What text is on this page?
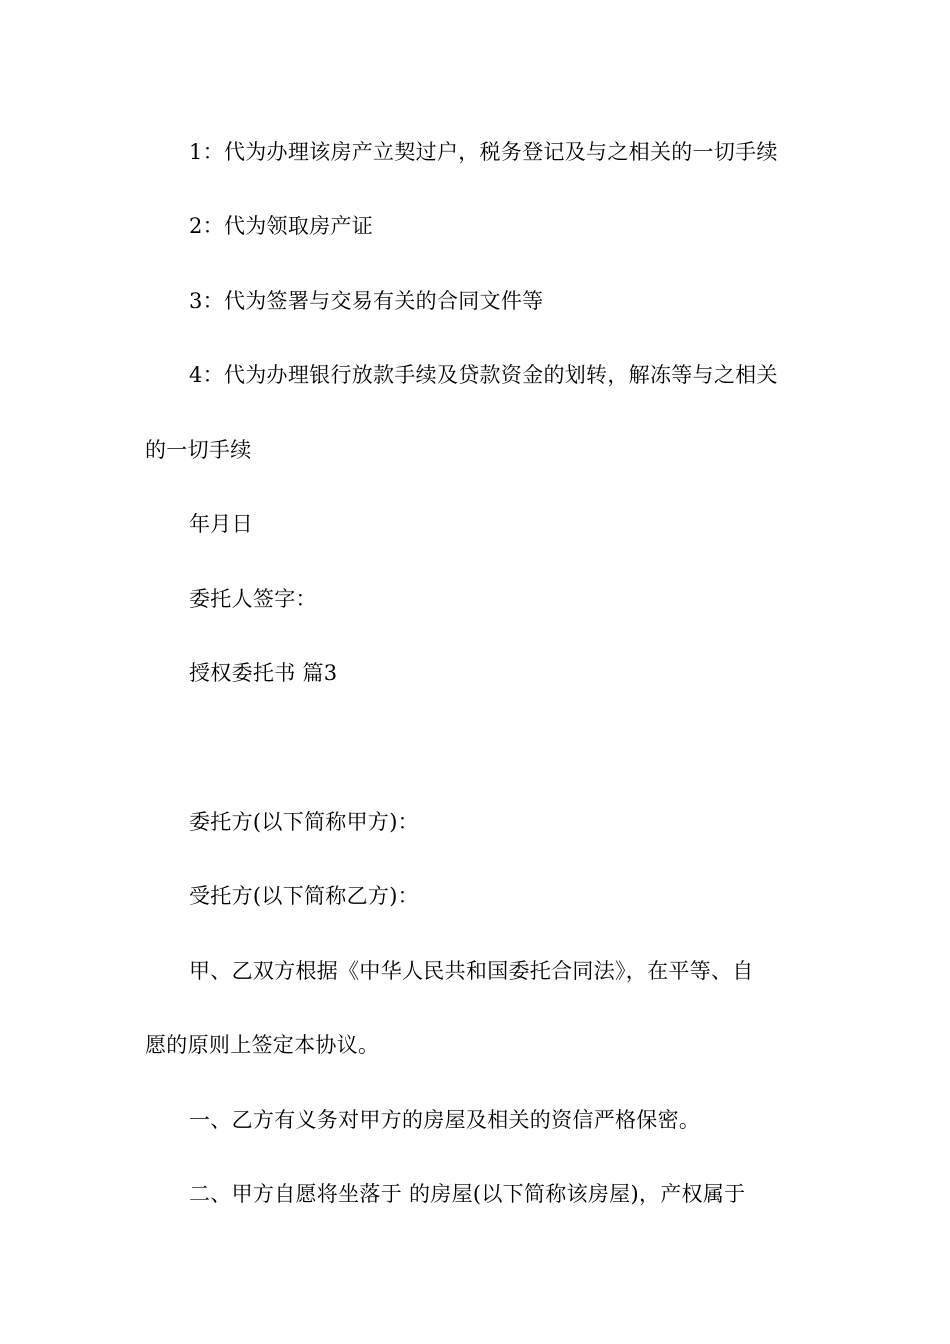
1：代为办理该房产立契过户，税务登记及与之相关的一切手续
2：代为领取房产证
3：代为签署与交易有关的合同文件等
4：代为办理银行放款手续及贷款资金的划转，解冻等与之相关
的一切手续
年月日
委托人签字：
授权委托书 篇3
委托方(以下简称甲方)：
受托方(以下简称乙方)：
甲、乙双方根据《中华人民共和国委托合同法》，在平等、自
愿的原则上签定本协议。
一、乙方有义务对甲方的房屋及相关的资信严格保密。
二、甲方自愿将坐落于 的房屋(以下简称该房屋)，产权属于
